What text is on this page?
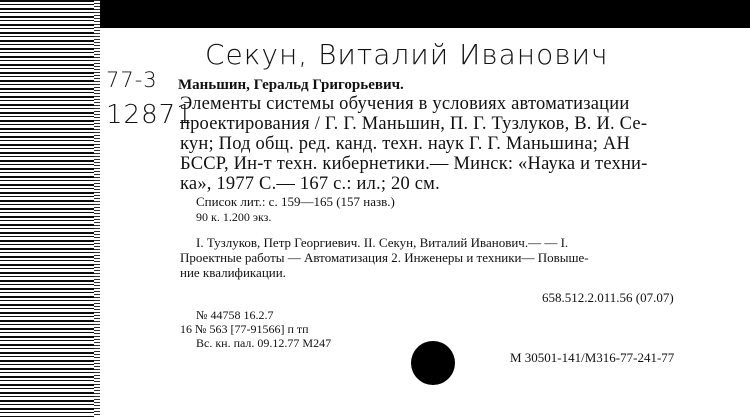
Секун, Виталий Иванович
77-3
12871
Маньшин, Геральд Григорьевич.
Элементы системы обучения в условиях автоматизации
проектирования / Г. Г. Маньшин, П. Г. Тузлуков, В. И. Се-
кун; Под общ. ред. канд. техн. наук Г. Г. Маньшина; АН
БССР, Ин-т техн. кибернетики.— Минск: «Наука и техни-
ка», 1977 С.— 167 с.: ил.; 20 см.
Список лит.: с. 159—165 (157 назв.)
90 к. 1.200 экз.
I. Тузлуков, Петр Георгиевич. II. Секун, Виталий Иванович.— — I.
Проектные работы — Автоматизация 2. Инженеры и техники— Повыше-
ние квалификации.
658.512.2.011.56 (07.07)
№ 44758 16.2.7
16 № 563 [77-91566] п тп
Вс. кн. пал. 09.12.77 М247
М 30501-141/М316-77-241-77
